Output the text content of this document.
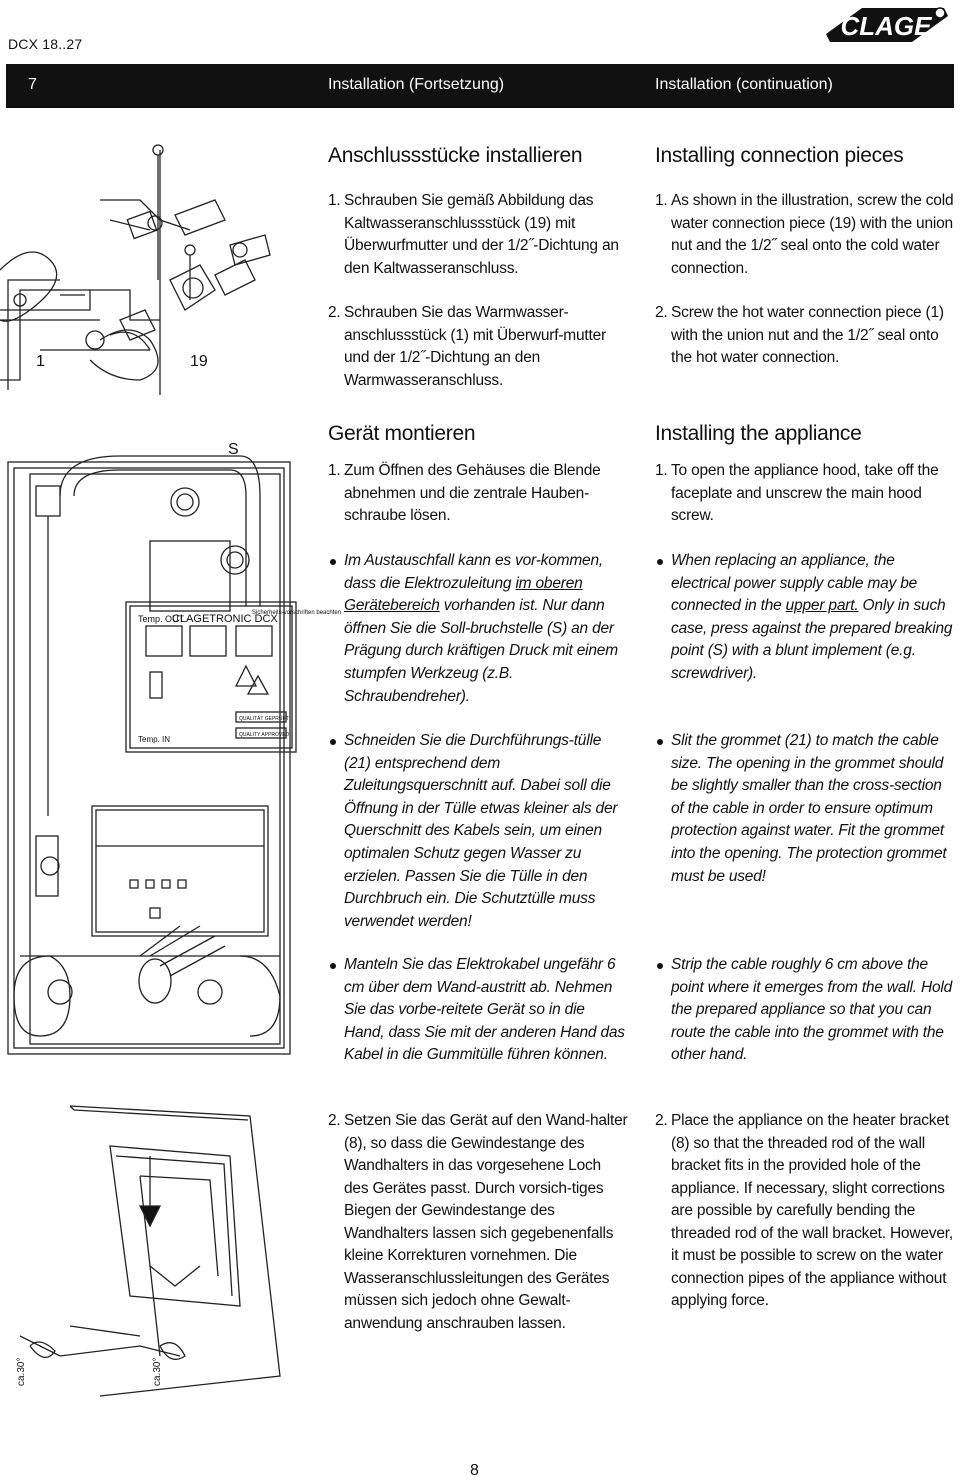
DCX 18..27
CLAGE
7	Installation (Fortsetzung)	Installation (continuation)
1	19
Temp. OUT
CLAGETRONIC DCX
Temp. IN
Sicherheits-vorschriften beachten
QUALITÄT GEPRÜFT
QUALITY APPROVED
S
ca.30°	ca.30°
Anschlussstücke installieren
1. Schrauben Sie gemäß Abbildung das Kaltwasseranschlussstück (19) mit Überwurfmutter und der 1/2˝-Dichtung an den Kaltwasseranschluss.
2. Schrauben Sie das Warmwasser-anschlussstück (1) mit Überwurf-mutter und der 1/2˝-Dichtung an den Warmwasseranschluss.
Gerät montieren
1. Zum Öffnen des Gehäuses die Blende abnehmen und die zentrale Hauben-schraube lösen.
Im Austauschfall kann es vor-kommen, dass die Elektrozuleitung im oberen Gerätebereich vorhanden ist. Nur dann öffnen Sie die Soll-bruchstelle (S) an der Prägung durch kräftigen Druck mit einem stumpfen Werkzeug (z.B. Schraubendreher).
Schneiden Sie die Durchführungs-tülle (21) entsprechend dem Zuleitungsquerschnitt auf. Dabei soll die Öffnung in der Tülle etwas kleiner als der Querschnitt des Kabels sein, um einen optimalen Schutz gegen Wasser zu erzielen. Passen Sie die Tülle in den Durchbruch ein. Die Schutztülle muss verwendet werden!
Manteln Sie das Elektrokabel ungefähr 6 cm über dem Wand-austritt ab. Nehmen Sie das vorbe-reitete Gerät so in die Hand, dass Sie mit der anderen Hand das Kabel in die Gummitülle führen können.
2. Setzen Sie das Gerät auf den Wand-halter (8), so dass die Gewindestange des Wandhalters in das vorgesehene Loch des Gerätes passt. Durch vorsich-tiges Biegen der Gewindestange des Wandhalters lassen sich gegebenenfalls kleine Korrekturen vornehmen. Die Wasseranschlussleitungen des Gerätes müssen sich jedoch ohne Gewalt-anwendung anschrauben lassen.
Installing connection pieces
1. As shown in the illustration, screw the cold water connection piece (19) with the union nut and the 1/2˝ seal onto the cold water connection.
2. Screw the hot water connection piece (1) with the union nut and the 1/2˝ seal onto the hot water connection.
Installing the appliance
1. To open the appliance hood, take off the faceplate and unscrew the main hood screw.
When replacing an appliance, the electrical power supply cable may be connected in the upper part. Only in such case, press against the prepared breaking point (S) with a blunt implement (e.g. screwdriver).
Slit the grommet (21) to match the cable size. The opening in the grommet should be slightly smaller than the cross-section of the cable in order to ensure optimum protection against water. Fit the grommet into the opening. The protection grommet must be used!
Strip the cable roughly 6 cm above the point where it emerges from the wall. Hold the prepared appliance so that you can route the cable into the grommet with the other hand.
2. Place the appliance on the heater bracket (8) so that the threaded rod of the wall bracket fits in the provided hole of the appliance. If necessary, slight corrections are possible by carefully bending the threaded rod of the wall bracket. However, it must be possible to screw on the water connection pipes of the appliance without applying force.
8
